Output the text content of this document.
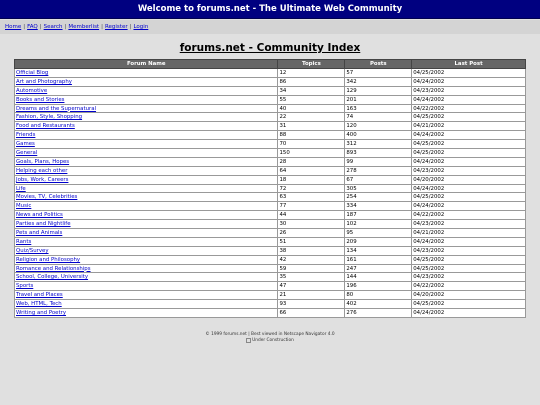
Welcome to forums.net - The Ultimate Web Community
Home | FAQ | Search | Memberlist | Register | Login
forums.net - Community Index
Forum Name	Topics	Posts	Last Post
Official Blog	12	57	04/25/2002
Art and Photography	86	342	04/24/2002
Automotive	34	129	04/23/2002
Books and Stories	55	201	04/24/2002
Dreams and the Supernatural	40	163	04/22/2002
Fashion, Style, Shopping	22	74	04/25/2002
Food and Restaurants	31	120	04/21/2002
Friends	88	400	04/24/2002
Games	70	312	04/25/2002
General	150	893	04/25/2002
Goals, Plans, Hopes	28	99	04/24/2002
Helping each other	64	278	04/23/2002
Jobs, Work, Careers	18	67	04/20/2002
Life	72	305	04/24/2002
Movies, TV, Celebrities	63	254	04/25/2002
Music	77	334	04/24/2002
News and Politics	44	187	04/22/2002
Parties and Nightlife	30	102	04/23/2002
Pets and Animals	26	95	04/21/2002
Rants	51	209	04/24/2002
Quiz/Survey	38	134	04/23/2002
Religion and Philosophy	42	161	04/25/2002
Romance and Relationships	59	247	04/25/2002
School, College, University	35	144	04/23/2002
Sports	47	196	04/22/2002
Travel and Places	21	80	04/20/2002
Web, HTML, Tech	93	402	04/25/2002
Writing and Poetry	66	276	04/24/2002
© 1999 forums.net | Best viewed in Netscape Navigator 4.0
Under Construction
